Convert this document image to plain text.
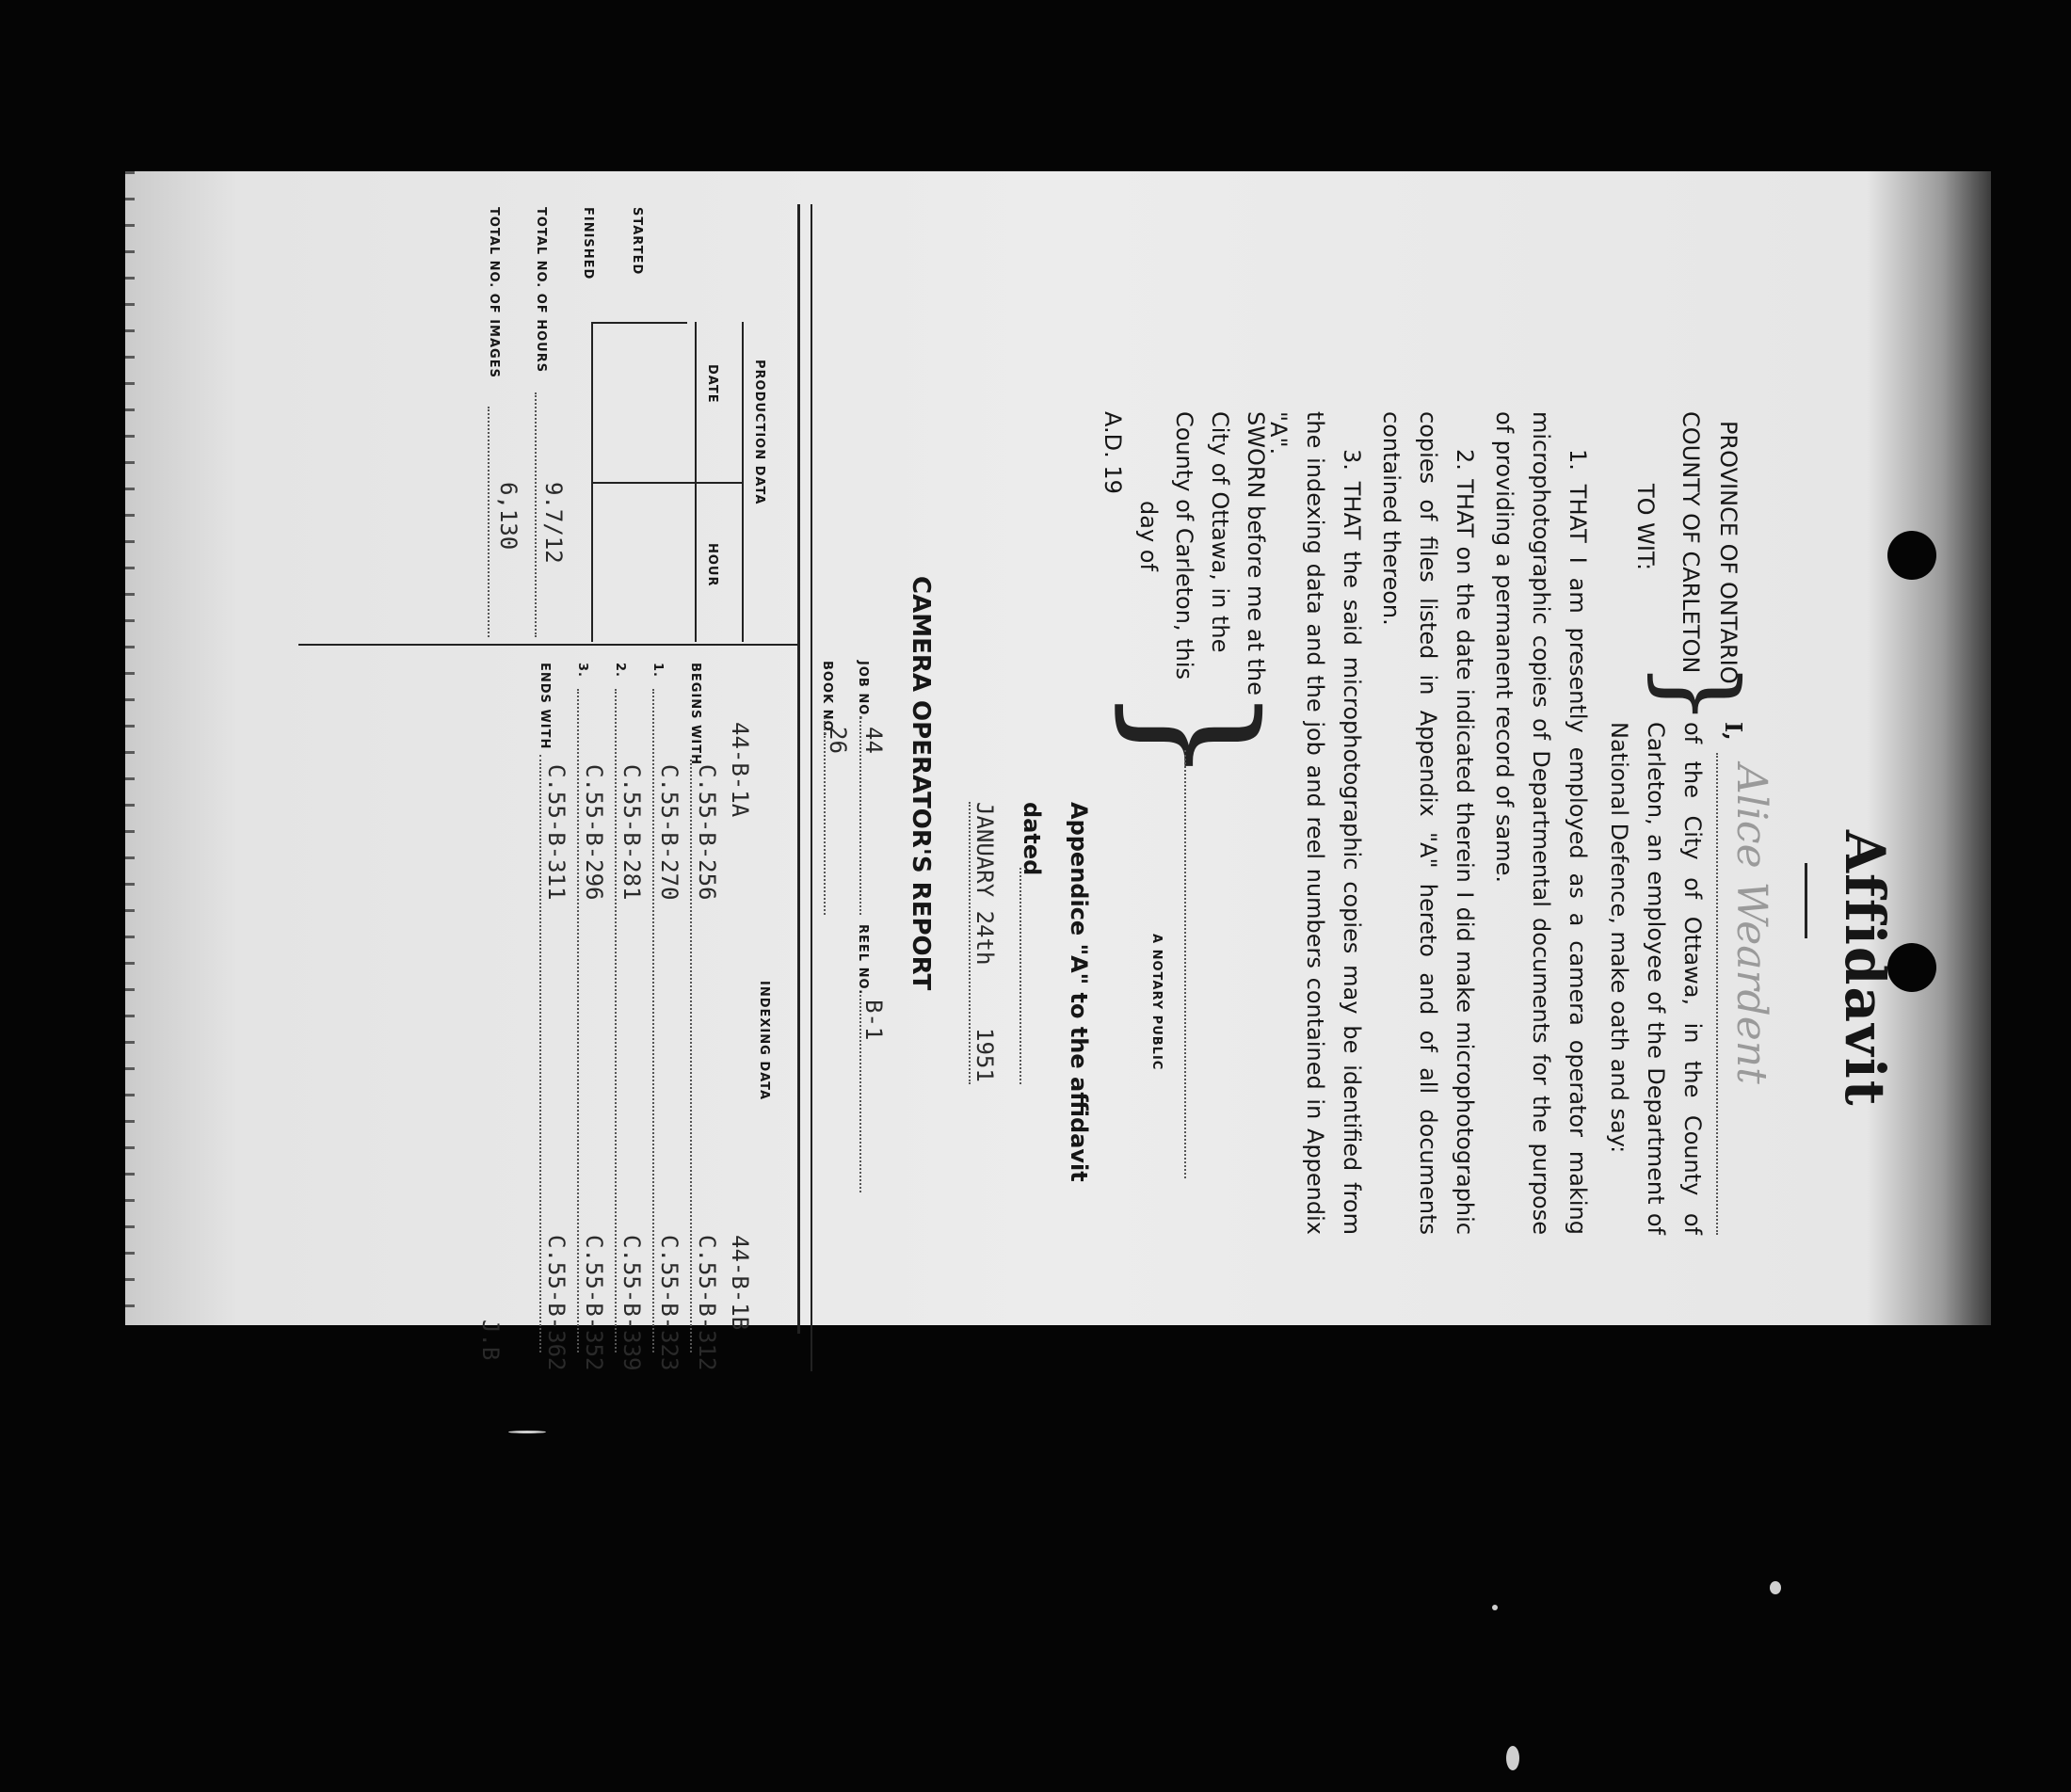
Affidavit
PROVINCE OF ONTARIO
COUNTY OF CARLETON
TO WIT:
}
I,
Alice Weardent

of the City of Ottawa, in the County of Carleton, an employee of the Department of National Defence, make oath and say:

1. THAT I am presently employed as a camera operator making microphotographic copies of Departmental documents for the purpose of providing a permanent record of same.

2. THAT on the date indicated therein I did make microphotographic copies of files listed in Appendix "A" hereto and of all documents contained thereon.

3. THAT the said microphotographic copies may be identified from the indexing data and the job and reel numbers contained in Appendix "A".

SWORN before me at the
City of Ottawa, in the
County of Carleton, this
day of
A.D. 19
}
A NOTARY PUBLIC
Appendice "A" to the affidavit
dated
JANUARY 24th
1951
CAMERA OPERATOR'S REPORT
JOB NO.
44
REEL NO.
B-1
BOOK NO.
26
PRODUCTION DATA
DATE
HOUR
STARTED
FINISHED
TOTAL NO. OF HOURS
9.7/12
TOTAL NO. OF IMAGES
6,130
INDEXING DATA
44-B-1A
44-B-1B
BEGINS WITH
C.55-B-256
C.55-B-312
1.
C.55-B-270
C.55-B-323
2.
C.55-B-281
C.55-B-339
3.
C.55-B-296
C.55-B-352
ENDS WITH
C.55-B-311
C.55-B-362
J.B
